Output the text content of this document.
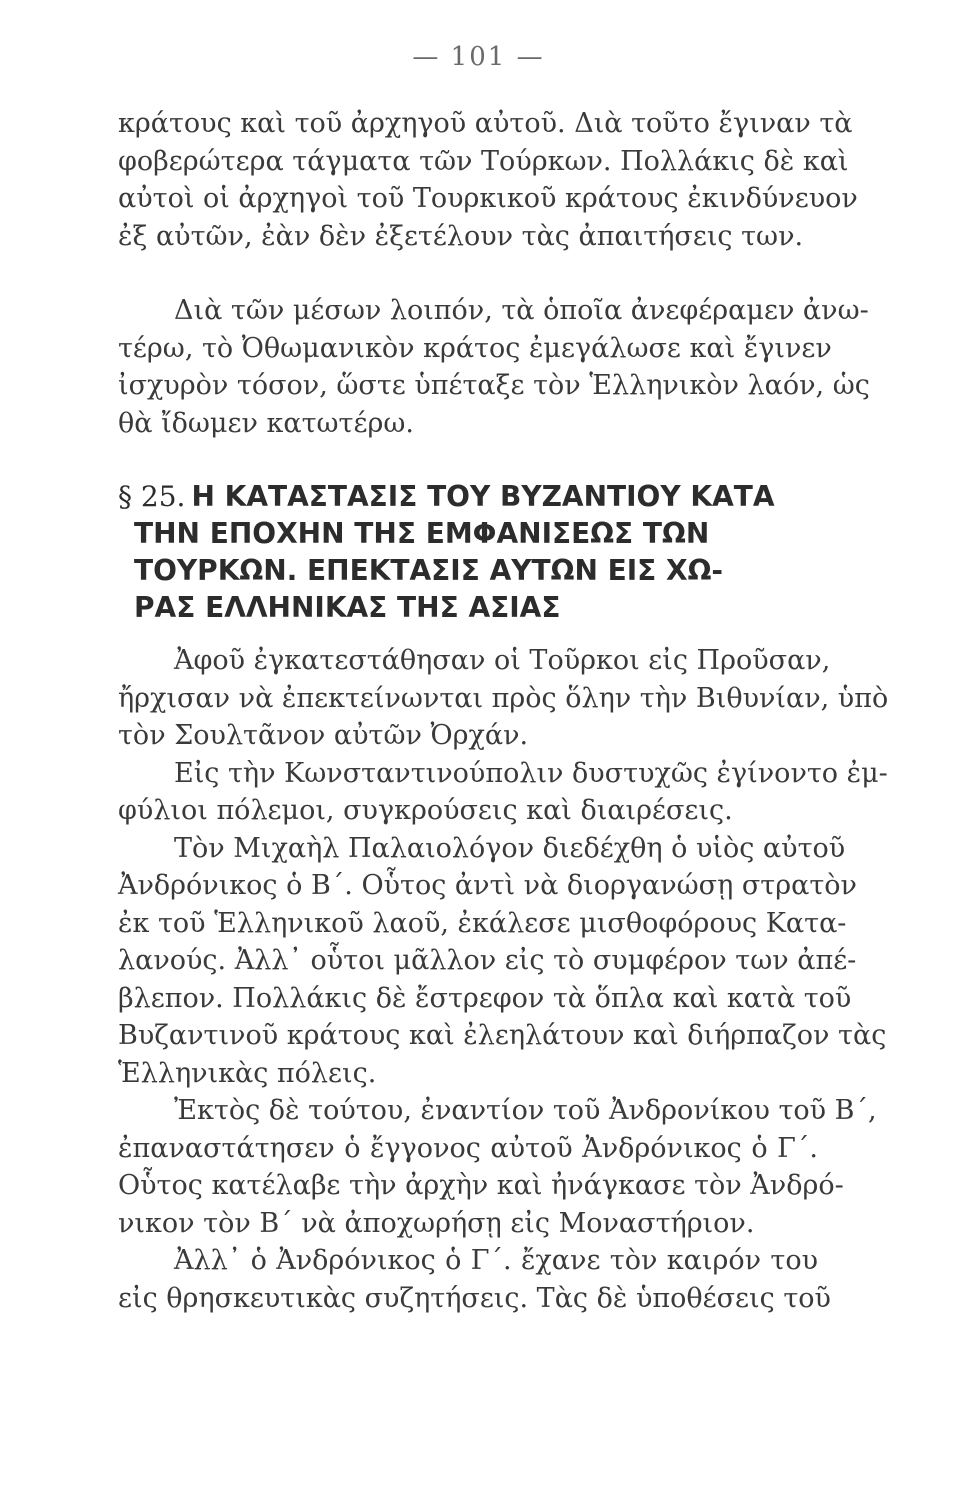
— 101 —
κράτους καὶ τοῦ ἀρχηγοῦ αὐτοῦ. Διὰ τοῦτο ἔγιναν τὰ
φοβερώτερα τάγματα τῶν Τούρκων. Πολλάκις δὲ καὶ
αὐτοὶ οἱ ἀρχηγοὶ τοῦ Τουρκικοῦ κράτους ἐκινδύνευον
ἐξ αὐτῶν, ἐὰν δὲν ἐξετέλουν τὰς ἀπαιτήσεις των.
Διὰ τῶν μέσων λοιπόν, τὰ ὁποῖα ἀνεφέραμεν ἀνω-
τέρω, τὸ Ὀθωμανικὸν κράτος ἐμεγάλωσε καὶ ἔγινεν
ἰσχυρὸν τόσον, ὥστε ὑπέταξε τὸν Ἑλληνικὸν λαόν, ὡς
θὰ ἴδωμεν κατωτέρω.
§ 25. Η ΚΑΤΑΣΤΑΣΙΣ ΤΟΥ ΒΥΖΑΝΤΙΟΥ ΚΑΤΑ
ΤΗΝ ΕΠΟΧΗΝ ΤΗΣ ΕΜΦΑΝΙΣΕΩΣ ΤΩΝ
ΤΟΥΡΚΩΝ. ΕΠΕΚΤΑΣΙΣ ΑΥΤΩΝ ΕΙΣ ΧΩ-
ΡΑΣ ΕΛΛΗΝΙΚΑΣ ΤΗΣ ΑΣΙΑΣ
Ἀφοῦ ἐγκατεστάθησαν οἱ Τοῦρκοι εἰς Προῦσαν,
ἤρχισαν νὰ ἐπεκτείνωνται πρὸς ὅλην τὴν Βιθυνίαν, ὑπὸ
τὸν Σουλτᾶνον αὐτῶν Ὀρχάν.
Εἰς τὴν Κωνσταντινούπολιν δυστυχῶς ἐγίνοντο ἐμ-
φύλιοι πόλεμοι, συγκρούσεις καὶ διαιρέσεις.
Τὸν Μιχαὴλ Παλαιολόγον διεδέχθη ὁ υἱὸς αὐτοῦ
Ἀνδρόνικος ὁ Β΄. Οὗτος ἀντὶ νὰ διοργανώσῃ στρατὸν
ἐκ τοῦ Ἑλληνικοῦ λαοῦ, ἐκάλεσε μισθοφόρους Κατα-
λανούς. Ἀλλ᾽ οὗτοι μᾶλλον εἰς τὸ συμφέρον των ἀπέ-
βλεπον. Πολλάκις δὲ ἔστρεφον τὰ ὅπλα καὶ κατὰ τοῦ
Βυζαντινοῦ κράτους καὶ ἐλεηλάτουν καὶ διήρπαζον τὰς
Ἑλληνικὰς πόλεις.
Ἐκτὸς δὲ τούτου, ἐναντίον τοῦ Ἀνδρονίκου τοῦ Β΄,
ἐπαναστάτησεν ὁ ἔγγονος αὐτοῦ Ἀνδρόνικος ὁ Γ΄.
Οὗτος κατέλαβε τὴν ἀρχὴν καὶ ἠνάγκασε τὸν Ἀνδρό-
νικον τὸν Β΄ νὰ ἀποχωρήσῃ εἰς Μοναστήριον.
Ἀλλ᾽ ὁ Ἀνδρόνικος ὁ Γ΄. ἔχανε τὸν καιρόν του
εἰς θρησκευτικὰς συζητήσεις. Τὰς δὲ ὑποθέσεις τοῦ
